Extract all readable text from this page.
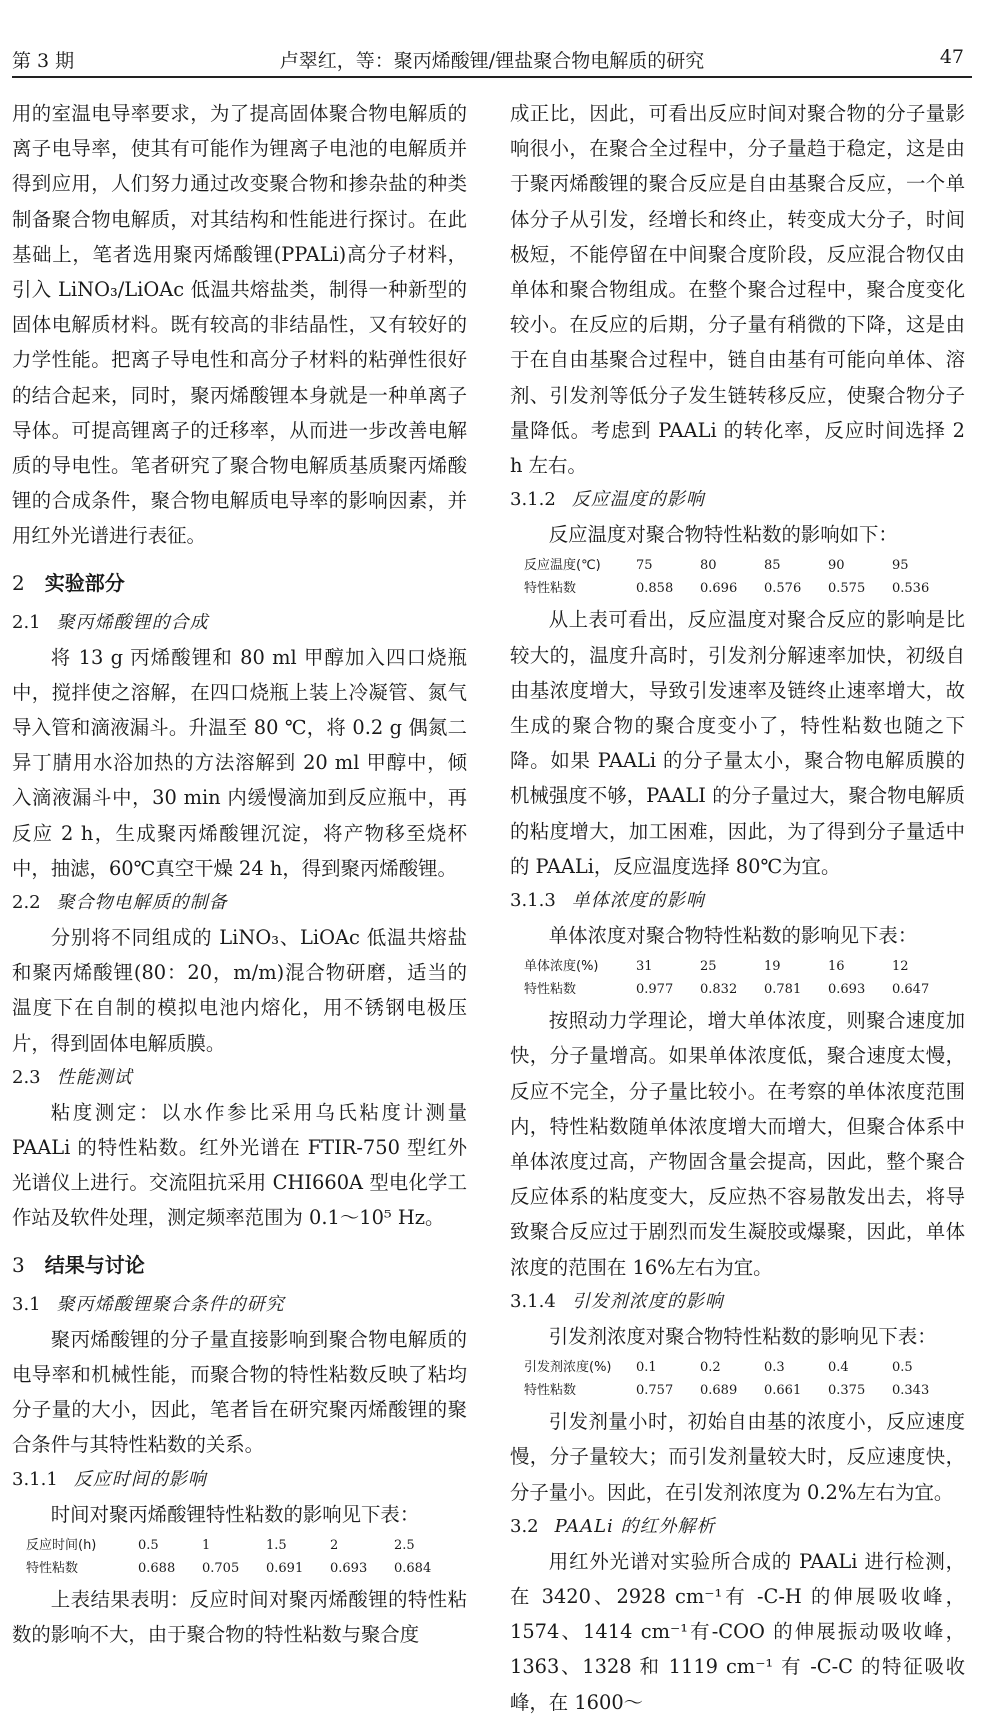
第 3 期	卢翠红，等：聚丙烯酸锂/锂盐聚合物电解质的研究	47

用的室温电导率要求，为了提高固体聚合物电解质的离子电导率，使其有可能作为锂离子电池的电解质并得到应用，人们努力通过改变聚合物和掺杂盐的种类制备聚合物电解质，对其结构和性能进行探讨。在此基础上，笔者选用聚丙烯酸锂(PPALi)高分子材料，引入 LiNO₃/LiOAc 低温共熔盐类，制得一种新型的固体电解质材料。既有较高的非结晶性，又有较好的力学性能。把离子导电性和高分子材料的粘弹性很好的结合起来，同时，聚丙烯酸锂本身就是一种单离子导体。可提高锂离子的迁移率，从而进一步改善电解质的导电性。笔者研究了聚合物电解质基质聚丙烯酸锂的合成条件，聚合物电解质电导率的影响因素，并用红外光谱进行表征。

2 实验部分
2.1 聚丙烯酸锂的合成

将 13 g 丙烯酸锂和 80 ml 甲醇加入四口烧瓶中，搅拌使之溶解，在四口烧瓶上装上冷凝管、氮气导入管和滴液漏斗。升温至 80 ℃，将 0.2 g 偶氮二异丁腈用水浴加热的方法溶解到 20 ml 甲醇中，倾入滴液漏斗中，30 min 内缓慢滴加到反应瓶中，再反应 2 h，生成聚丙烯酸锂沉淀，将产物移至烧杯中，抽滤，60℃真空干燥 24 h，得到聚丙烯酸锂。

2.2 聚合物电解质的制备

分别将不同组成的 LiNO₃、LiOAc 低温共熔盐和聚丙烯酸锂(80：20，m/m)混合物研磨，适当的温度下在自制的模拟电池内熔化，用不锈钢电极压片，得到固体电解质膜。

2.3 性能测试

粘度测定：以水作参比采用乌氏粘度计测量 PAALi 的特性粘数。红外光谱在 FTIR-750 型红外光谱仪上进行。交流阻抗采用 CHI660A 型电化学工作站及软件处理，测定频率范围为 0.1～10⁵ Hz。

3 结果与讨论
3.1 聚丙烯酸锂聚合条件的研究

聚丙烯酸锂的分子量直接影响到聚合物电解质的电导率和机械性能，而聚合物的特性粘数反映了粘均分子量的大小，因此，笔者旨在研究聚丙烯酸锂的聚合条件与其特性粘数的关系。

3.1.1 反应时间的影响

时间对聚丙烯酸锂特性粘数的影响见下表：

反应时间(h)	0.5	1	1.5	2	2.5
特性粘数	0.688	0.705	0.691	0.693	0.684

上表结果表明：反应时间对聚丙烯酸锂的特性粘数的影响不大，由于聚合物的特性粘数与聚合度

成正比，因此，可看出反应时间对聚合物的分子量影响很小，在聚合全过程中，分子量趋于稳定，这是由于聚丙烯酸锂的聚合反应是自由基聚合反应，一个单体分子从引发，经增长和终止，转变成大分子，时间极短，不能停留在中间聚合度阶段，反应混合物仅由单体和聚合物组成。在整个聚合过程中，聚合度变化较小。在反应的后期，分子量有稍微的下降，这是由于在自由基聚合过程中，链自由基有可能向单体、溶剂、引发剂等低分子发生链转移反应，使聚合物分子量降低。考虑到 PAALi 的转化率，反应时间选择 2 h 左右。

3.1.2 反应温度的影响

反应温度对聚合物特性粘数的影响如下：

反应温度(℃)	75	80	85	90	95
特性粘数	0.858	0.696	0.576	0.575	0.536

从上表可看出，反应温度对聚合反应的影响是比较大的，温度升高时，引发剂分解速率加快，初级自由基浓度增大，导致引发速率及链终止速率增大，故生成的聚合物的聚合度变小了，特性粘数也随之下降。如果 PAALi 的分子量太小，聚合物电解质膜的机械强度不够，PAALI 的分子量过大，聚合物电解质的粘度增大，加工困难，因此，为了得到分子量适中的 PAALi，反应温度选择 80℃为宜。

3.1.3 单体浓度的影响

单体浓度对聚合物特性粘数的影响见下表：

单体浓度(%)	31	25	19	16	12
特性粘数	0.977	0.832	0.781	0.693	0.647

按照动力学理论，增大单体浓度，则聚合速度加快，分子量增高。如果单体浓度低，聚合速度太慢，反应不完全，分子量比较小。在考察的单体浓度范围内，特性粘数随单体浓度增大而增大，但聚合体系中单体浓度过高，产物固含量会提高，因此，整个聚合反应体系的粘度变大，反应热不容易散发出去，将导致聚合反应过于剧烈而发生凝胶或爆聚，因此，单体浓度的范围在 16%左右为宜。

3.1.4 引发剂浓度的影响

引发剂浓度对聚合物特性粘数的影响见下表：

引发剂浓度(%)	0.1	0.2	0.3	0.4	0.5
特性粘数	0.757	0.689	0.661	0.375	0.343

引发剂量小时，初始自由基的浓度小，反应速度慢，分子量较大；而引发剂量较大时，反应速度快，分子量小。因此，在引发剂浓度为 0.2%左右为宜。

3.2 PAALi 的红外解析

用红外光谱对实验所合成的 PAALi 进行检测，在 3420、2928 cm⁻¹有 -C-H 的伸展吸收峰，1574、1414 cm⁻¹有-COO 的伸展振动吸收峰，1363、1328 和 1119 cm⁻¹ 有 -C-C 的特征吸收峰，在 1600～
